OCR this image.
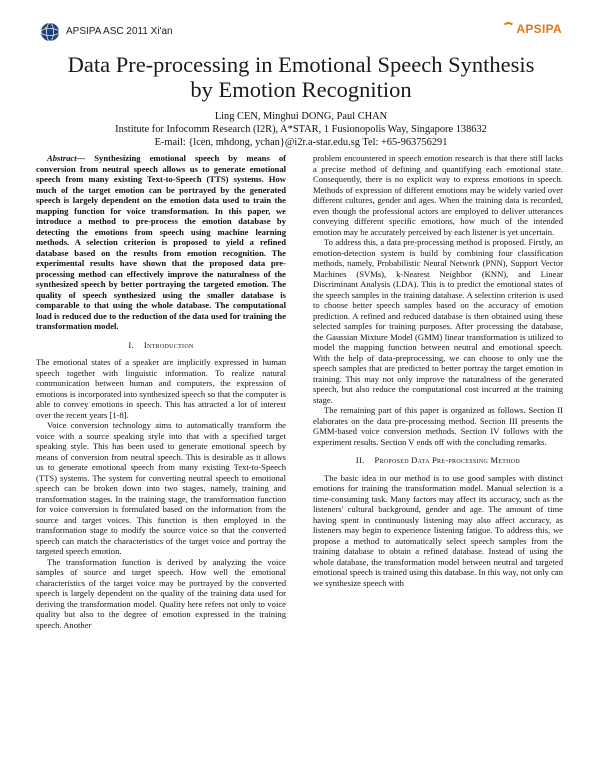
APSIPA ASC 2011 Xi'an	APSIPA
Data Pre-processing in Emotional Speech Synthesis
by Emotion Recognition
Ling CEN, Minghui DONG, Paul CHAN
Institute for Infocomm Research (I2R), A*STAR, 1 Fusionopolis Way, Singapore 138632
E-mail: {lcen, mhdong, ychan}@i2r.a-star.edu.sg Tel: +65-963756291

Abstract— Synthesizing emotional speech by means of conversion from neutral speech allows us to generate emotional speech from many existing Text-to-Speech (TTS) systems. How much of the target emotion can be portrayed by the generated speech is largely dependent on the emotion data used to train the mapping function for voice transformation. In this paper, we introduce a method to pre-process the emotion database by detecting the emotions from speech using machine learning methods. A selection criterion is proposed to yield a refined database based on the results from emotion recognition. The experimental results have shown that the proposed data pre-processing method can effectively improve the naturalness of the synthesized speech by better portraying the targeted emotion. The quality of speech synthesized using the smaller database is comparable to that using the whole database. The computational load is reduced due to the reduction of the data used for training the transformation model.

I. Introduction

The emotional states of a speaker are implicitly expressed in human speech together with linguistic information. To realize natural communication between human and computers, the expression of emotions is incorporated into synthesized speech so that the computer is able to convey emotions in speech. This has attracted a lot of interest over the recent years [1-8].

Voice conversion technology aims to automatically transform the voice with a source speaking style into that with a specified target speaking style. This has been used to generate emotional speech by means of conversion from neutral speech. This is desirable as it allows us to generate emotional speech from many existing Text-to-Speech (TTS) systems. The system for converting neutral speech to emotional speech can be broken down into two stages, namely, training and transformation stages. In the training stage, the transformation function for voice conversion is formulated based on the information from the source and target voices. This function is then employed in the transformation stage to modify the source voice so that the converted speech can match the characteristics of the target voice and portray the targeted speech emotion.

The transformation function is derived by analyzing the voice samples of source and target speech. How well the emotional characteristics of the target voice may be portrayed by the converted speech is largely dependent on the quality of the training data used for deriving the transformation model. Quality here refers not only to voice quality but also to the degree of emotion expressed in the training speech. Another

problem encountered in speech emotion research is that there still lacks a precise method of defining and quantifying each emotional state. Consequently, there is no explicit way to express emotions in speech. Methods of expression of different emotions may be widely varied over different cultures, gender and ages. When the training data is recorded, even though the professional actors are employed to deliver utterances conveying different specific emotions, how much of the intended emotion may be accurately perceived by each listener is yet uncertain.

To address this, a data pre-processing method is proposed. Firstly, an emotion-detection system is build by combining four classification methods, namely, Probabilistic Neural Network (PNN), Support Vector Machines (SVMs), k-Nearest Neighbor (KNN), and Linear Discriminant Analysis (LDA). This is to predict the emotional states of the speech samples in the training database. A selection criterion is used to choose better speech samples based on the accuracy of emotion prediction. A refined and reduced database is then obtained using these selected samples for training purposes. After processing the database, the Gaussian Mixture Model (GMM) linear transformation is utilized to model the mapping function between neutral and emotional speech. With the help of data-preprocessing, we can choose to only use the speech samples that are predicted to better portray the target emotion in training. This may not only improve the naturalness of the generated speech, but also reduce the computational cost incurred at the training stage.

The remaining part of this paper is organized as follows. Section II elaborates on the data pre-processing method. Section III presents the GMM-based voice conversion methods. Section IV follows with the experiment results. Section V ends off with the concluding remarks.

II. Proposed Data Pre-processing Method

The basic idea in our method is to use good samples with distinct emotions for training the transformation model. Manual selection is a time-consuming task. Many factors may affect its accuracy, such as the listeners' cultural background, gender and age. The amount of time having spent in continuously listening may also affect accuracy, as listeners may begin to experience listening fatigue. To address this, we propose a method to automatically select speech samples from the training database to obtain a refined database. Instead of using the whole database, the transformation model between neutral and targeted emotional speech is trained using this database. In this way, not only can we synthesize speech with
